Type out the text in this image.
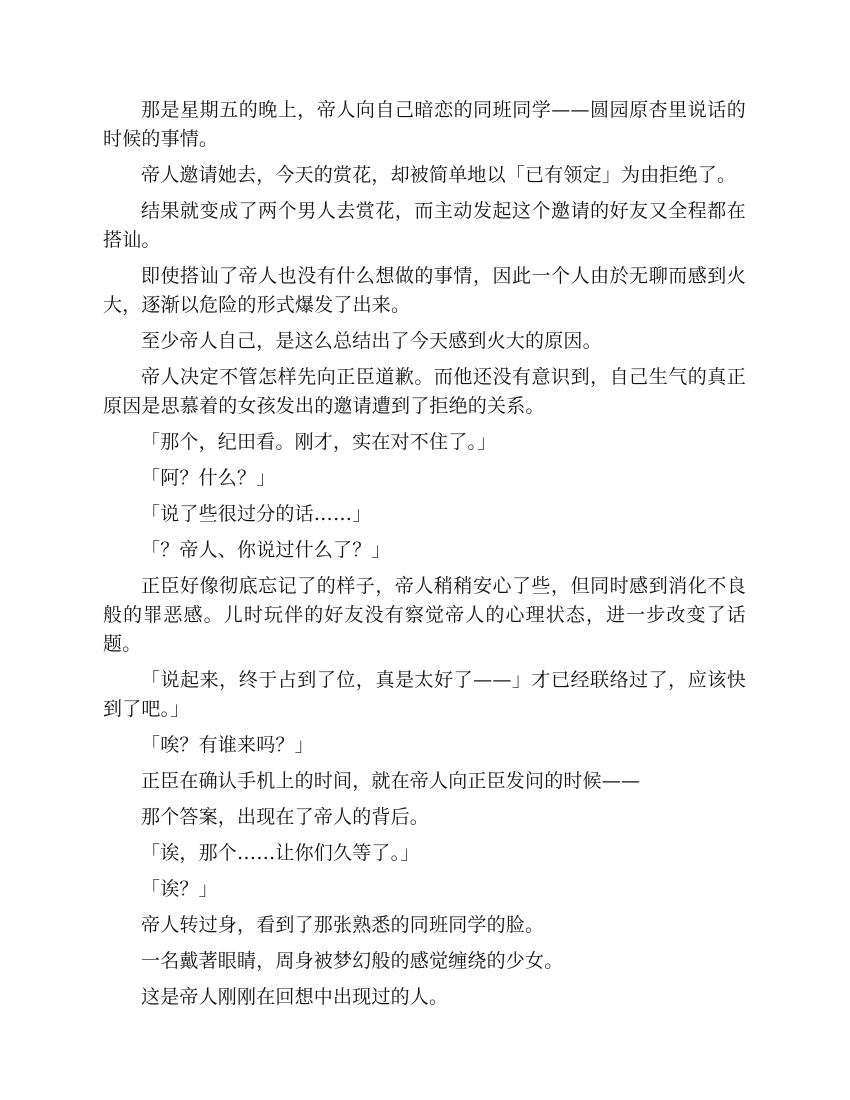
那是星期五的晚上，帝人向自己暗恋的同班同学——圆园原杏里说话的时候的事情。

帝人邀请她去，今天的赏花，却被简单地以「已有领定」为由拒绝了。

结果就变成了两个男人去赏花，而主动发起这个邀请的好友又全程都在搭讪。

即使搭讪了帝人也没有什么想做的事情，因此一个人由於无聊而感到火大，逐渐以危险的形式爆发了出来。

至少帝人自己，是这么总结出了今天感到火大的原因。

帝人决定不管怎样先向正臣道歉。而他还没有意识到，自己生气的真正原因是思慕着的女孩发出的邀请遭到了拒绝的关系。

「那个，纪田看。刚才，实在对不住了。」

「阿？什么？」

「说了些很过分的话……」

「？帝人、你说过什么了？」

正臣好像彻底忘记了的样子，帝人稍稍安心了些，但同时感到消化不良般的罪恶感。儿时玩伴的好友没有察觉帝人的心理状态，进一步改变了话题。

「说起来，终于占到了位，真是太好了——」才已经联络过了，应该快到了吧。」

「唉？有谁来吗？」

正臣在确认手机上的时间，就在帝人向正臣发问的时候——

那个答案，出现在了帝人的背后。

「诶，那个……让你们久等了。」

「诶？」

帝人转过身，看到了那张熟悉的同班同学的脸。

一名戴著眼睛，周身被梦幻般的感觉缠绕的少女。

这是帝人刚刚在回想中出现过的人。
